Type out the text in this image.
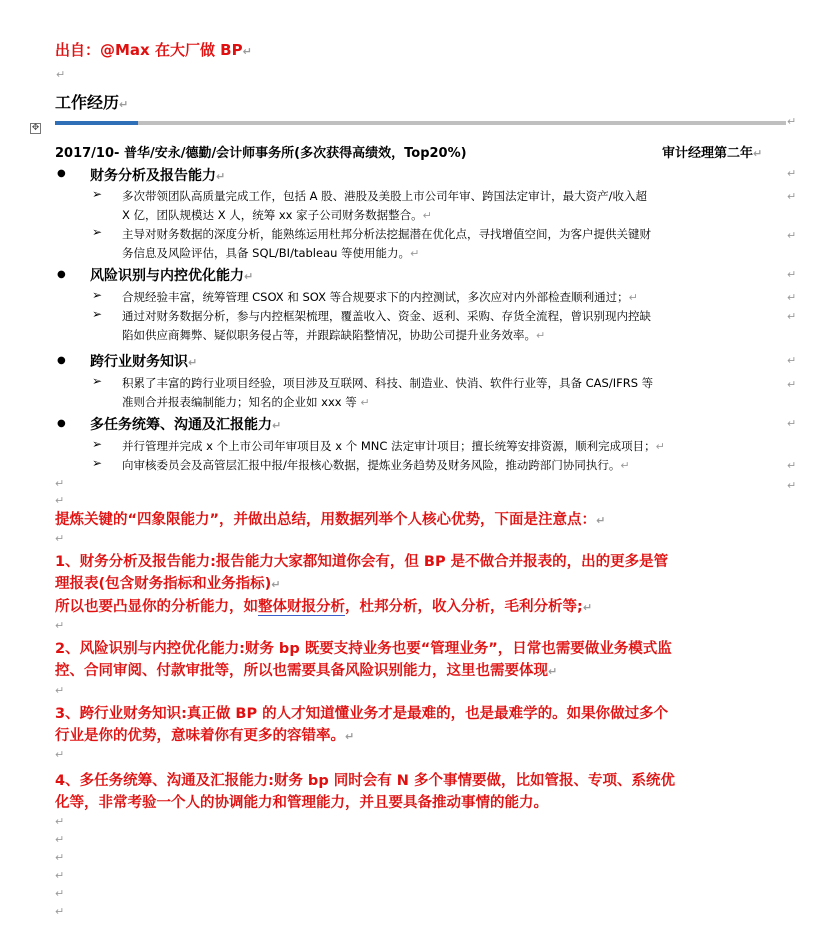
出自：@Max 在大厂做 BP↵
↵
工作经历↵
✥	↵
2017/10- 普华/安永/德勤/会计师事务所(多次获得高绩效，Top20%)	审计经理第二年↵
● 财务分析及报告能力↵	↵
➢ 多次带领团队高质量完成工作，包括 A 股、港股及美股上市公司年审、跨国法定审计，最大资产/收入超
X 亿，团队规模达 X 人，统筹 xx 家子公司财务数据整合。↵
↵
➢ 主导对财务数据的深度分析，能熟练运用杜邦分析法挖掘潜在优化点，寻找增值空间，为客户提供关键财
务信息及风险评估，具备 SQL/BI/tableau 等使用能力。↵
↵
● 风险识别与内控优化能力↵	↵
➢ 合规经验丰富，统筹管理 CSOX 和 SOX 等合规要求下的内控测试，多次应对内外部检查顺利通过；↵	↵
➢ 通过对财务数据分析，参与内控框架梳理，覆盖收入、资金、返利、采购、存货全流程，曾识别现内控缺
陷如供应商舞弊、疑似职务侵占等，并跟踪缺陷整情况，协助公司提升业务效率。↵
↵
● 跨行业财务知识↵	↵
➢ 积累了丰富的跨行业项目经验，项目涉及互联网、科技、制造业、快消、软件行业等，具备 CAS/IFRS 等
准则合并报表编制能力；知名的企业如 xxx 等 ↵
↵
● 多任务统筹、沟通及汇报能力↵	↵
➢ 并行管理并完成 x 个上市公司年审项目及 x 个 MNC 法定审计项目；擅长统筹安排资源，顺利完成项目；↵
➢ 向审核委员会及高管层汇报中报/年报核心数据，提炼业务趋势及财务风险，推动跨部门协同执行。↵	↵
↵	↵
↵
提炼关键的“四象限能力”，并做出总结，用数据列举个人核心优势，下面是注意点：↵
↵
1、财务分析及报告能力:报告能力大家都知道你会有，但 BP 是不做合并报表的，出的更多是管
理报表(包含财务指标和业务指标)↵
所以也要凸显你的分析能力，如整体财报分析，杜邦分析，收入分析，毛利分析等;↵
↵
2、风险识别与内控优化能力:财务 bp 既要支持业务也要“管理业务”，日常也需要做业务模式监
控、合同审阅、付款审批等，所以也需要具备风险识别能力，这里也需要体现↵
↵
3、跨行业财务知识:真正做 BP 的人才知道懂业务才是最难的，也是最难学的。如果你做过多个
行业是你的优势，意味着你有更多的容错率。↵
↵
4、多任务统筹、沟通及汇报能力:财务 bp 同时会有 N 多个事情要做，比如管报、专项、系统优
化等，非常考验一个人的协调能力和管理能力，并且要具备推动事情的能力。
↵
↵
↵
↵
↵
↵
